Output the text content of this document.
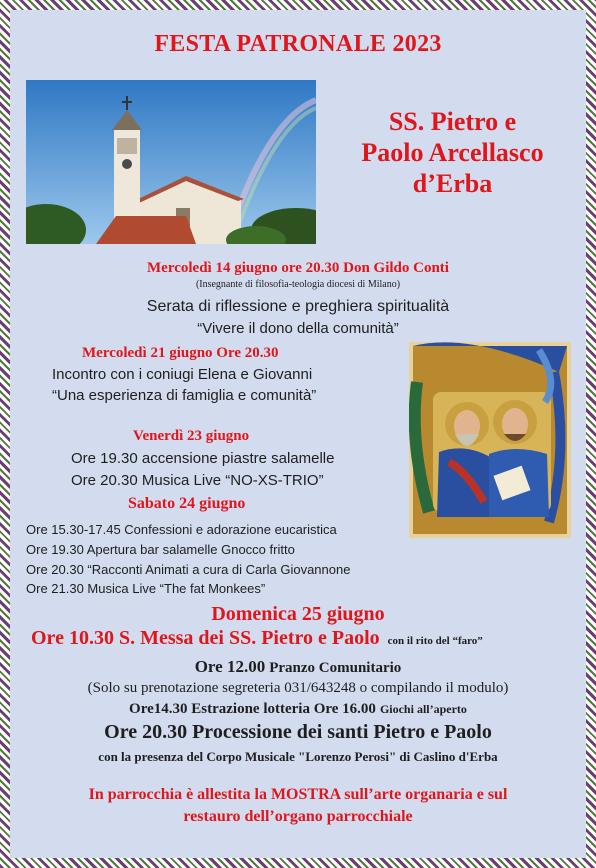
FESTA PATRONALE 2023
SS. Pietro e
Paolo Arcellasco
d’Erba
Mercoledì 14 giugno ore 20.30 Don Gildo Conti
(Insegnante di filosofia-teologia diocesi di Milano)
Serata di riflessione e preghiera spiritualità
“Vivere il dono della comunità”
Mercoledì 21 giugno Ore 20.30
Incontro con i coniugi Elena e Giovanni
“Una esperienza di famiglia e comunità”
Venerdì 23 giugno
Ore 19.30 accensione piastre salamelle
Ore 20.30 Musica Live “NO-XS-TRIO”
Sabato 24 giugno
Ore 15.30-17.45 Confessioni e adorazione eucaristica
Ore 19.30 Apertura bar salamelle Gnocco fritto
Ore 20.30 “Racconti Animati a cura di Carla Giovannone
Ore 21.30 Musica Live “The fat Monkees”
Domenica 25 giugno
Ore 10.30 S. Messa dei SS. Pietro e Paolo con il rito del “faro”
Ore 12.00 Pranzo Comunitario
(Solo su prenotazione segreteria 031/643248 o compilando il modulo)
Ore14.30 Estrazione lotteria Ore 16.00 Giochi all’aperto
Ore 20.30 Processione dei santi Pietro e Paolo
con la presenza del Corpo Musicale "Lorenzo Perosi" di Caslino d'Erba
In parrocchia è allestita la MOSTRA sull’arte organaria e sul
restauro dell’organo parrocchiale
